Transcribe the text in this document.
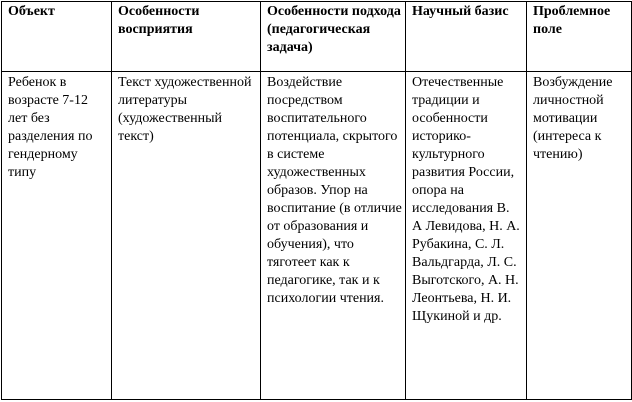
Объект	Особенности восприятия	Особенности подхода (педагогическая задача)	Научный базис	Проблемное поле
Ребенок в возрасте 7-12 лет без разделения по гендерному типу	Текст художественной литературы (художественный текст)	Воздействие посредством воспитательного потенциала, скрытого в системе художественных образов. Упор на воспитание (в отличие от образования и обучения), что тяготеет как к педагогике, так и к психологии чтения.	Отечественные традиции и особенности историко-культурного развития России, опора на исследования В. А Левидова, Н. А. Рубакина, С. Л. Вальдгарда, Л. С. Выготского, А. Н. Леонтьева, Н. И. Щукиной и др.	Возбуждение личностной мотивации (интереса к чтению)
